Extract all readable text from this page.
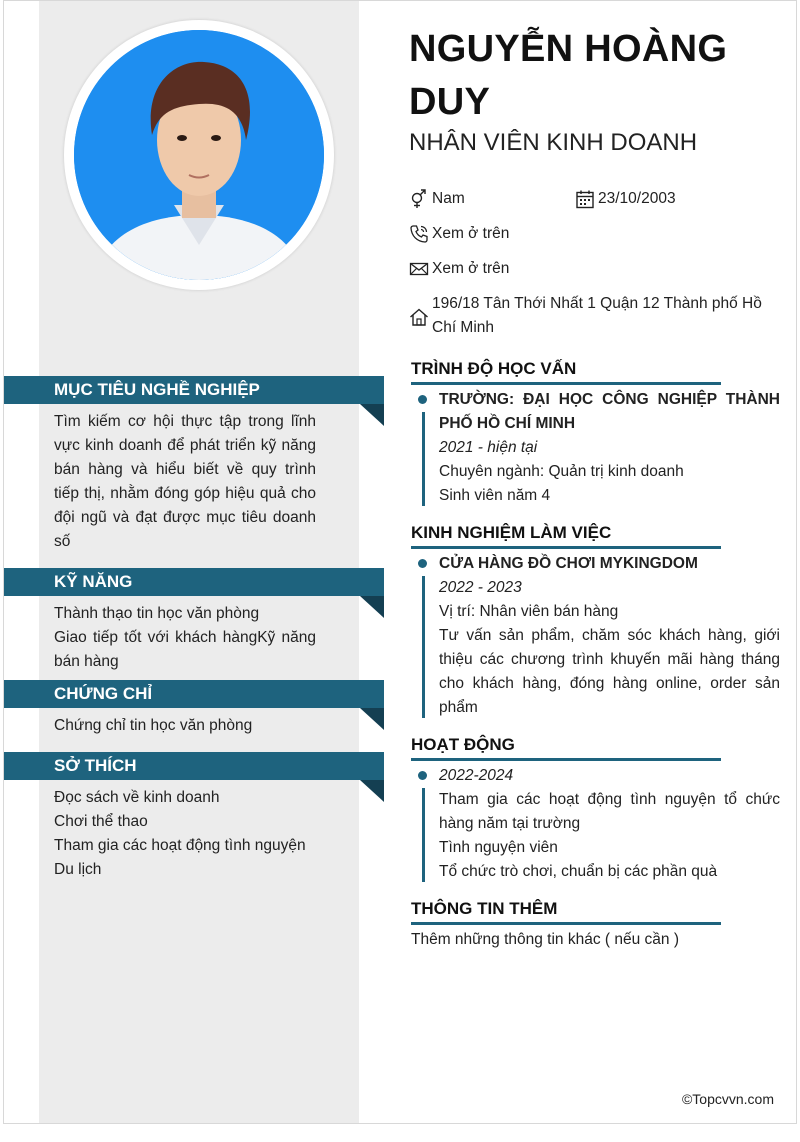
MỤC TIÊU NGHỀ NGHIỆP
Tìm kiếm cơ hội thực tập trong lĩnh vực kinh doanh để phát triển kỹ năng bán hàng và hiểu biết về quy trình tiếp thị, nhằm đóng góp hiệu quả cho đội ngũ và đạt được mục tiêu doanh số
KỸ NĂNG
Thành thạo tin học văn phòng
Giao tiếp tốt với khách hàngKỹ năng bán hàng
CHỨNG CHỈ
Chứng chỉ tin học văn phòng
SỞ THÍCH
Đọc sách về kinh doanh
Chơi thể thao
Tham gia các hoạt động tình nguyện
Du lịch
NGUYỄN HOÀNG DUY
NHÂN VIÊN KINH DOANH
Nam	23/10/2003
Xem ở trên
Xem ở trên
196/18 Tân Thới Nhất 1 Quận 12 Thành phố Hồ Chí Minh
TRÌNH ĐỘ HỌC VẤN
TRƯỜNG: ĐẠI HỌC CÔNG NGHIỆP THÀNH PHỐ HỒ CHÍ MINH
2021 - hiện tại
Chuyên ngành: Quản trị kinh doanh
Sinh viên năm 4
KINH NGHIỆM LÀM VIỆC
CỬA HÀNG ĐỒ CHƠI MYKINGDOM
2022 - 2023
Vị trí: Nhân viên bán hàng
Tư vấn sản phẩm, chăm sóc khách hàng, giới thiệu các chương trình khuyến mãi hàng tháng cho khách hàng, đóng hàng online, order sản phẩm
HOẠT ĐỘNG
2022-2024
Tham gia các hoạt động tình nguyện tổ chức hàng năm tại trường
Tình nguyện viên
Tổ chức trò chơi, chuẩn bị các phần quà
THÔNG TIN THÊM
Thêm những thông tin khác ( nếu cần )
©Topcvvn.com
